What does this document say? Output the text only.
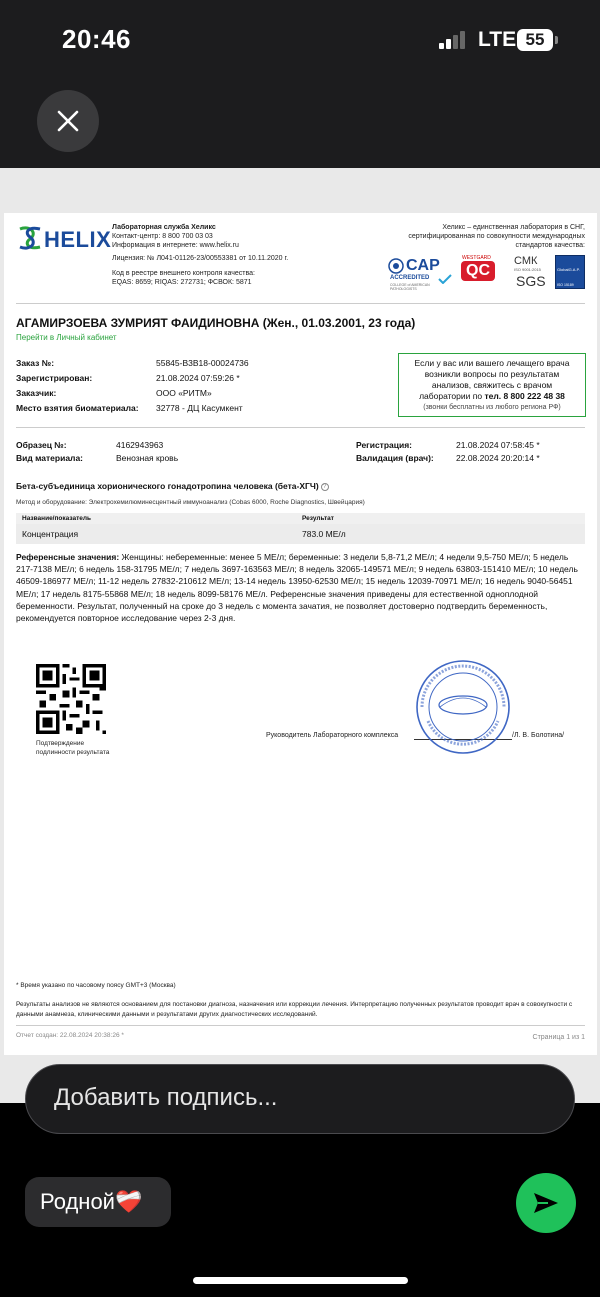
20:46	LTE 55
HELIX Лабораторная служба Хеликс
Контакт-центр: 8 800 700 03 03
Информация в интернете: www.helix.ru
Лицензия: № Л041-01126-23/00553381 от 10.11.2020 г.
Код в реестре внешнего контроля качества:
EQAS: 8659; RIQAS: 272731; ФСВОК: 5871
Хеликс – единственная лаборатория в СНГ, сертифицированная по совокупности международных стандартов качества:
CAP
ACCREDITED
COLLEGE of AMERICAN PATHOLOGISTS
WESTGARD
QC
СМК
ISO 9001:2015
SGS
GlobalG.A.P.
ISO 15189
АГАМИРЗОЕВА ЗУМРИЯТ ФАИДИНОВНА (Жен., 01.03.2001, 23 года)
Перейти в Личный кабинет
Заказ №:	55845-B3B18-00024736
Зарегистрирован:	21.08.2024 07:59:26 *
Заказчик:	ООО «РИТМ»
Место взятия биоматериала:	32778 - ДЦ Касумкент
Если у вас или вашего лечащего врача
возникли вопросы по результатам
анализов, свяжитесь с врачом
лаборатории по тел. 8 800 222 48 38
(звонки бесплатны из любого региона РФ)
Образец №:	4162943963
Вид материала:	Венозная кровь
Регистрация:	21.08.2024 07:58:45 *
Валидация (врач):	22.08.2024 20:20:14 *
Бета-субъединица хорионического гонадотропина человека (бета-ХГЧ) ?
Метод и оборудование: Электрохемилюминесцентный иммуноанализ (Cobas 6000, Roche Diagnostics, Швейцария)
Название/показатель	Результат
Концентрация	783.0 МЕ/л
Референсные значения: Женщины: небеременные: менее 5 МЕ/л; беременные: 3 недели 5,8-71,2 МЕ/л; 4 недели 9,5-750 МЕ/л; 5 недель 217-7138 МЕ/л; 6 недель 158-31795 МЕ/л; 7 недель 3697-163563 МЕ/л; 8 недель 32065-149571 МЕ/л; 9 недель 63803-151410 МЕ/л; 10 недель 46509-186977 МЕ/л; 11-12 недель 27832-210612 МЕ/л; 13-14 недель 13950-62530 МЕ/л; 15 недель 12039-70971 МЕ/л; 16 недель 9040-56451 МЕ/л; 17 недель 8175-55868 МЕ/л; 18 недель 8099-58176 МЕ/л. Референсные значения приведены для естественной одноплодной беременности. Результат, полученный на сроке до 3 недель с момента зачатия, не позволяет достоверно подтвердить беременность, рекомендуется повторное исследование через 2-3 дня.
Подтверждение
подлинности результата
Руководитель Лабораторного комплекса	/Л. В. Болотина/
* Время указано по часовому поясу GMT+3 (Москва)
Результаты анализов не являются основанием для постановки диагноза, назначения или коррекции лечения. Интерпретацию полученных результатов проводит врач в совокупности с данными анамнеза, клиническими данными и результатами других диагностических исследований.
Отчет создан: 22.08.2024 20:38:26 *	Страница 1 из 1
Добавить подпись...
Родной❤️‍🩹
